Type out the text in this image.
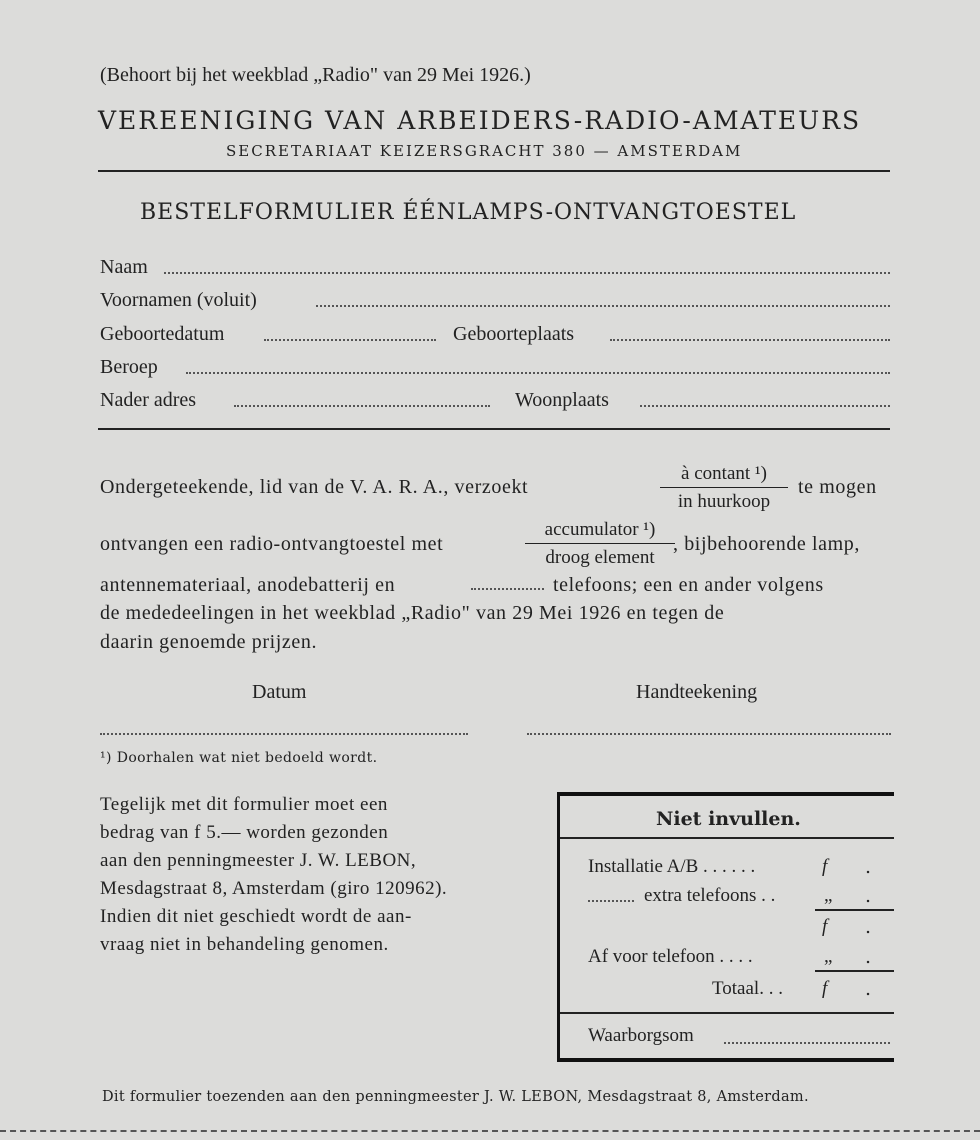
(Behoort bij het weekblad „Radio" van 29 Mei 1926.)
VEREENIGING VAN ARBEIDERS-RADIO-AMATEURS
SECRETARIAAT KEIZERSGRACHT 380 — AMSTERDAM
BESTELFORMULIER ÉÉNLAMPS-ONTVANGTOESTEL
Naam
Voornamen (voluit)
Geboortedatum	Geboorteplaats
Beroep
Nader adres	Woonplaats
Ondergeteekende, lid van de V. A. R. A., verzoekt
à contant ¹)
in huurkoop
te mogen
ontvangen een radio-ontvangtoestel met
accumulator ¹)
droog element
, bijbehoorende lamp,
antennemateriaal, anodebatterij en	telefoons; een en ander volgens
de mededeelingen in het weekblad „Radio" van 29 Mei 1926 en tegen de
daarin genoemde prijzen.
Datum	Handteekening
¹) Doorhalen wat niet bedoeld wordt.
Tegelijk met dit formulier moet een
bedrag van f 5.— worden gezonden
aan den penningmeester J. W. LEBON,
Mesdagstraat 8, Amsterdam (giro 120962).
Indien dit niet geschiedt wordt de aan-
vraag niet in behandeling genomen.
Niet invullen.
Installatie A/B . . . . . .	f .
extra telefoons . .	„ .
f .
Af voor telefoon . . . .	„ .
Totaal. . . f .
Waarborgsom
Dit formulier toezenden aan den penningmeester J. W. LEBON, Mesdagstraat 8, Amsterdam.
